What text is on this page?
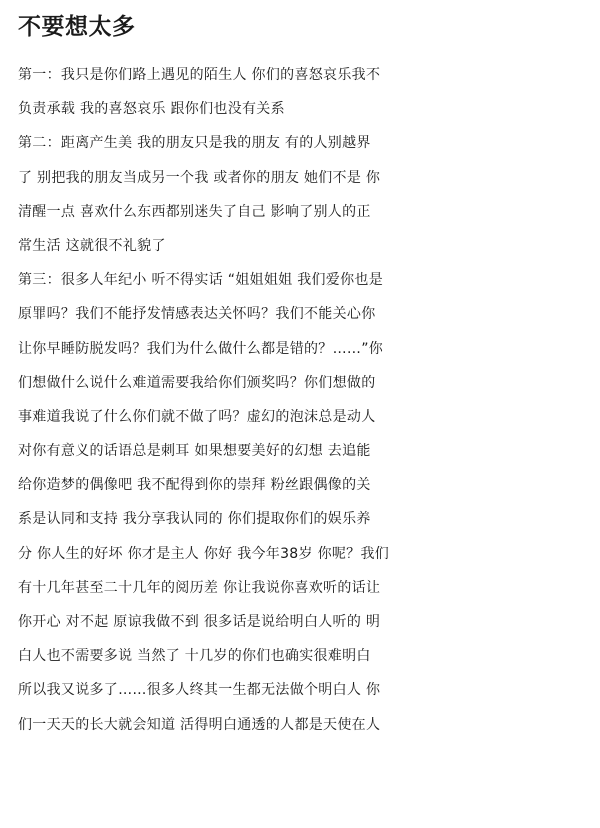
不要想太多
第一：我只是你们路上遇见的陌生人 你们的喜怒哀乐我不
负责承载 我的喜怒哀乐 跟你们也没有关系
第二：距离产生美 我的朋友只是我的朋友 有的人别越界
了 别把我的朋友当成另一个我 或者你的朋友 她们不是 你
清醒一点 喜欢什么东西都别迷失了自己 影响了别人的正
常生活 这就很不礼貌了
第三：很多人年纪小 听不得实话 “姐姐姐姐 我们爱你也是
原罪吗？我们不能抒发情感表达关怀吗？我们不能关心你
让你早睡防脱发吗？我们为什么做什么都是错的？……”你
们想做什么说什么难道需要我给你们颁奖吗？你们想做的
事难道我说了什么你们就不做了吗？虚幻的泡沫总是动人
对你有意义的话语总是刺耳 如果想要美好的幻想 去追能
给你造梦的偶像吧 我不配得到你的崇拜 粉丝跟偶像的关
系是认同和支持 我分享我认同的 你们提取你们的娱乐养
分 你人生的好坏 你才是主人 你好 我今年38岁 你呢？我们
有十几年甚至二十几年的阅历差 你让我说你喜欢听的话让
你开心 对不起 原谅我做不到 很多话是说给明白人听的 明
白人也不需要多说 当然了 十几岁的你们也确实很难明白
所以我又说多了……很多人终其一生都无法做个明白人 你
们一天天的长大就会知道 活得明白通透的人都是天使在人
